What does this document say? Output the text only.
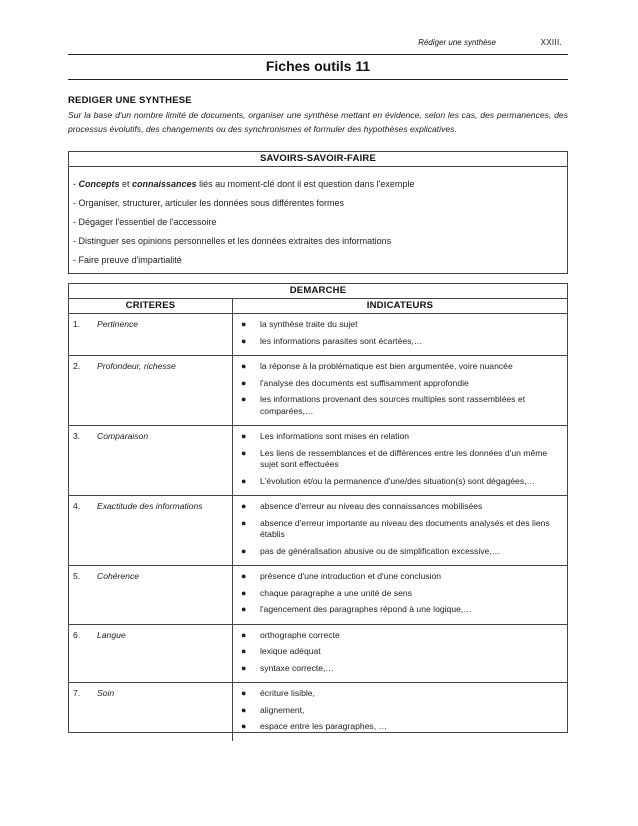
Rédiger une synthèse	XXIII.
Fiches outils 11
REDIGER UNE SYNTHESE
Sur la base d'un nombre limité de documents, organiser une synthèse mettant en évidence, selon les cas, des permanences, des processus évolutifs, des changements ou des synchronismes et formuler des hypothèses explicatives.
SAVOIRS-SAVOIR-FAIRE
- Concepts et connaissances liés au moment-clé dont il est question dans l'exemple
- Organiser, structurer, articuler les données sous différentes formes
- Dégager l'essentiel de l'accessoire
- Distinguer ses opinions personnelles et les données extraites des informations
- Faire preuve d'impartialité
DEMARCHE
CRITERES	INDICATEURS
1.	Pertinence	● la synthèse traite du sujet
● les informations parasites sont écartées,…
2.	Profondeur, richesse	● la réponse à la problématique est bien argumentée, voire nuancée
● l'analyse des documents est suffisamment approfondie
● les informations provenant des sources multiples sont rassemblées et comparées,…
3.	Comparaison	● Les informations sont mises en relation
● Les liens de ressemblances et de différences entre les données d'un même sujet sont effectuées
● L'évolution et/ou la permanence d'une/des situation(s) sont dégagées,…
4.	Exactitude des informations	● absence d'erreur au niveau des connaissances mobilisées
● absence d'erreur importante au niveau des documents analysés et des liens établis
● pas de généralisation abusive ou de simplification excessive,…
5.	Cohérence	● présence d'une introduction et d'une conclusion
● chaque paragraphe a une unité de sens
● l'agencement des paragraphes répond à une logique,…
6.	Langue	● orthographe correcte
● lexique adéquat
● syntaxe correcte,…
7.	Soin	● écriture lisible,
● alignement,
● espace entre les paragraphes, …
